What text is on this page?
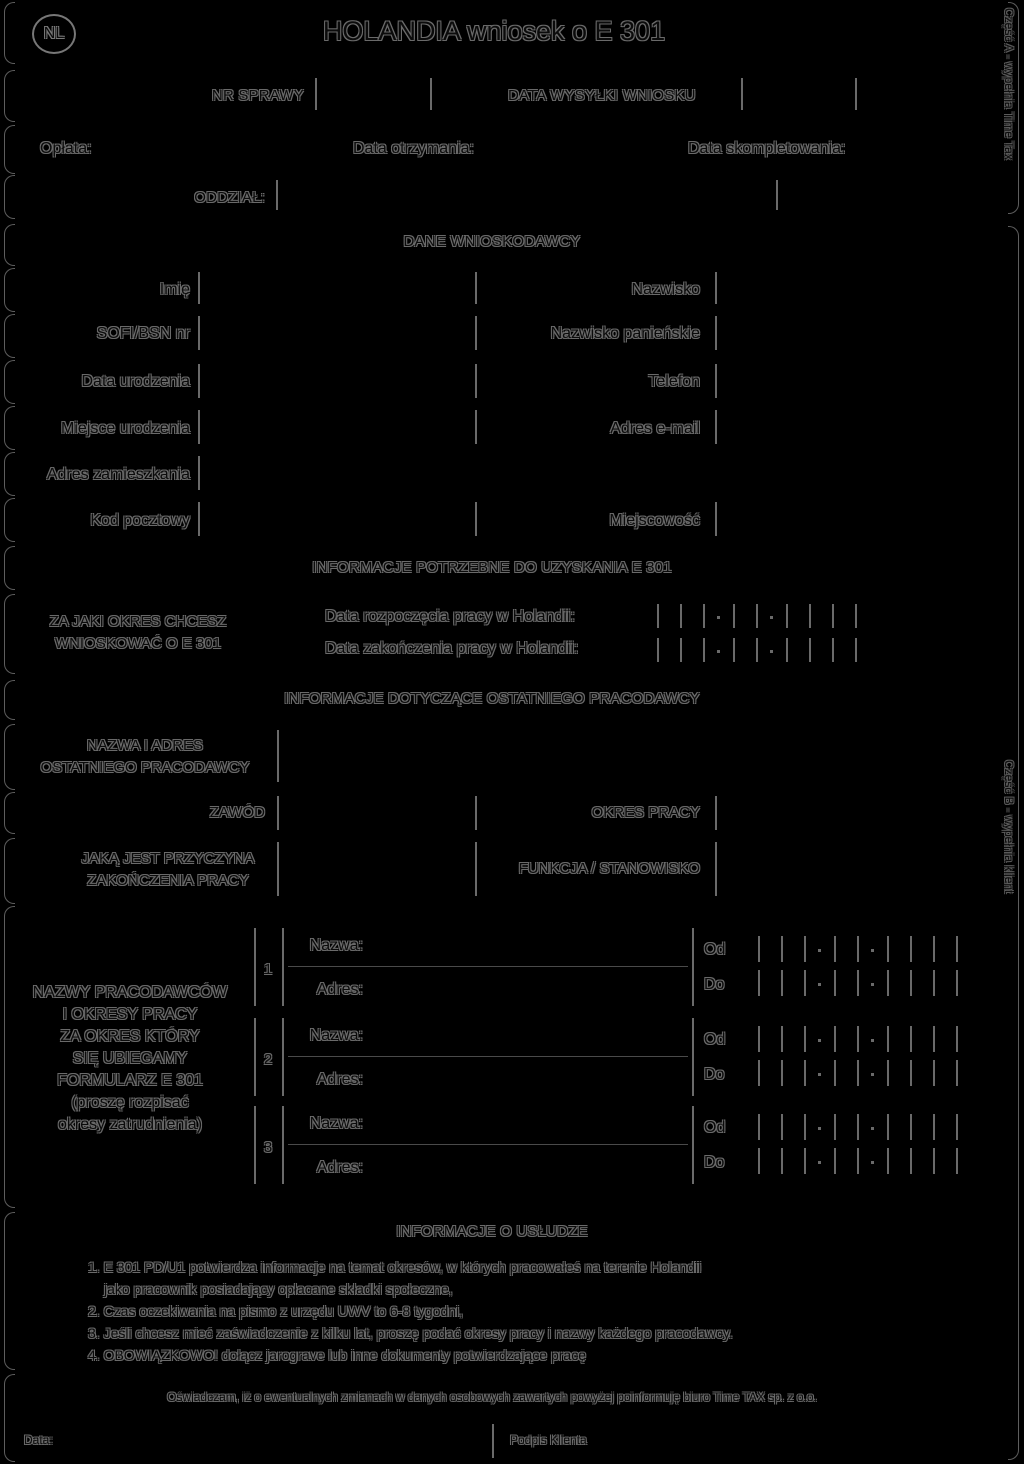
NL	HOLANDIA wniosek o E 301	Część A - wypełnia Time Tax
Część B - wypełnia klient
NR SPRAWY	DATA WYSYŁKI WNIOSKU
Opłata:	Data otrzymania:	Data skompletowania:
ODDZIAŁ:
DANE WNIOSKODAWCY
Imię	Nazwisko
SOFI/BSN nr	Nazwisko panieńskie
Data urodzenia	Telefon
Miejsce urodzenia	Adres e-mail
Adres zamieszkania
Kod pocztowy	Miejscowość
INFORMACJE POTRZEBNE DO UZYSKANIA E 301
ZA JAKI OKRES CHCESZ
WNIOSKOWAĆ O E 301
Data rozpoczęcia pracy w Holandii:
Data zakończenia pracy w Holandii:
INFORMACJE DOTYCZĄCE OSTATNIEGO PRACODAWCY
NAZWA I ADRES
OSTATNIEGO PRACODAWCY
ZAWÓD	OKRES PRACY
JAKĄ JEST PRZYCZYNA
ZAKOŃCZENIA PRACY
FUNKCJA / STANOWISKO
INFORMACJE O USŁUDZE
1. E 301 PD/U1 potwierdza informacje na temat okresów, w których pracowałeś na terenie Holandii
jako pracownik posiadający opłacane składki społeczne,
2. Czas oczekiwania na pismo z urzędu UWV to 6-8 tygodni,
3. Jeśli chcesz mieć zaświadczenie z kilku lat, proszę podać okresy pracy i nazwy każdego pracodawcy.
4. OBOWIĄZKOWO! dołącz jarograve lub inne dokumenty potwierdzające pracę
Oświadczam, iż o ewentualnych zmianach w danych osobowych zawartych powyżej poinformuję biuro Time TAX sp. z o.o.
Data:	Podpis Klienta
NAZWY PRACODAWCÓW
I OKRESY PRACY
ZA OKRES KTÓRY
SIĘ UBIEGAMY
FORMULARZ E 301
(proszę rozpisać
okresy zatrudnienia)
1
Nazwa:
Adres:
Od
Do
2
Nazwa:
Adres:
Od
Do
3
Nazwa:
Adres:
Od
Do
